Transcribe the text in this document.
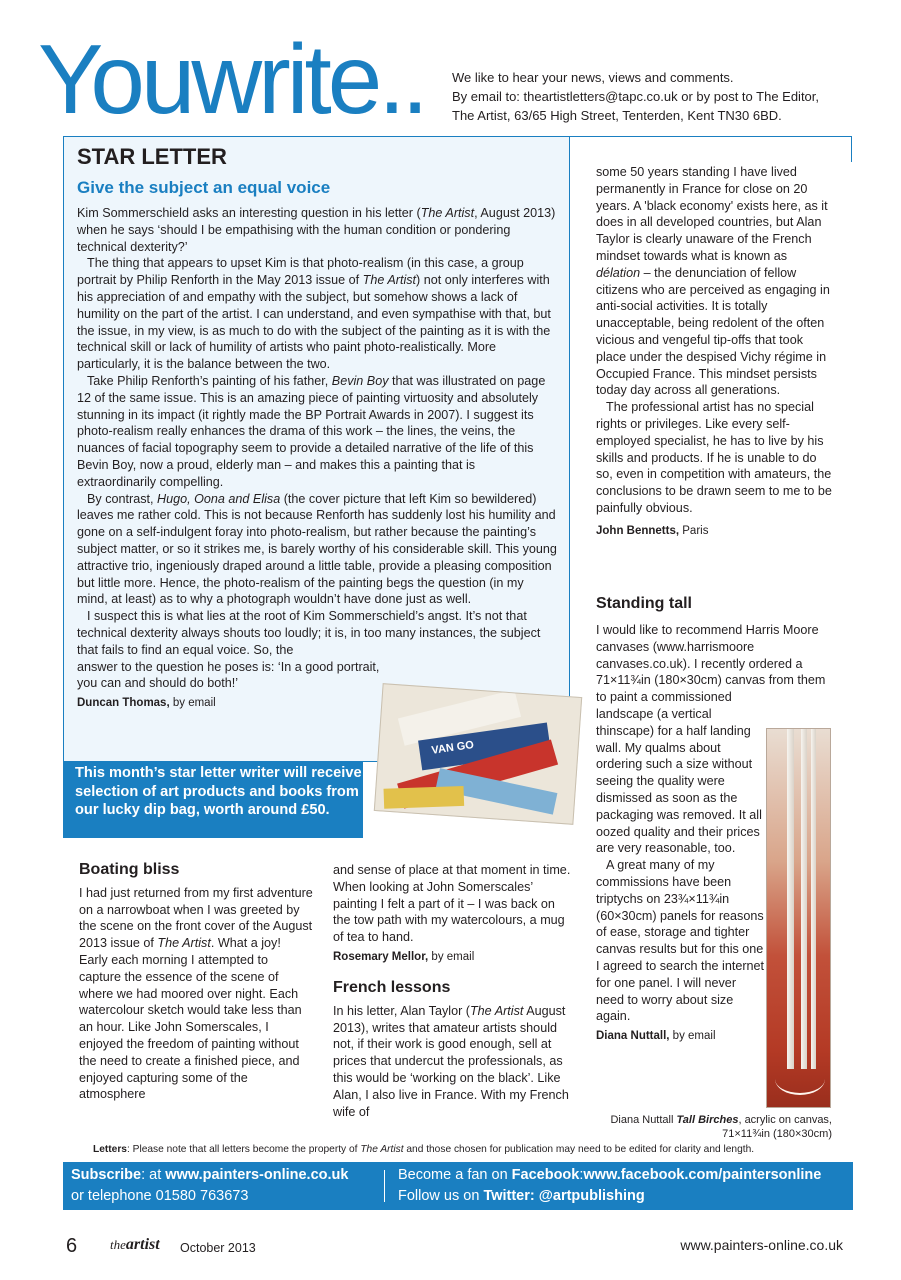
Youwrite.. We like to hear your news, views and comments.
By email to: theartistletters@tapc.co.uk or by post to The Editor,
The Artist, 63/65 High Street, Tenterden, Kent TN30 6BD.
STAR LETTER
Give the subject an equal voice

Kim Sommerschield asks an interesting question in his letter (The Artist, August 2013) when he says ‘should I be empathising with the human condition or pondering technical dexterity?’

The thing that appears to upset Kim is that photo-realism (in this case, a group portrait by Philip Renforth in the May 2013 issue of The Artist) not only interferes with his appreciation of and empathy with the subject, but somehow shows a lack of humility on the part of the artist. I can understand, and even sympathise with that, but the issue, in my view, is as much to do with the subject of the painting as it is with the technical skill or lack of humility of artists who paint photo-realistically. More particularly, it is the balance between the two.

Take Philip Renforth’s painting of his father, Bevin Boy that was illustrated on page 12 of the same issue. This is an amazing piece of painting virtuosity and absolutely stunning in its impact (it rightly made the BP Portrait Awards in 2007). I suggest its photo-realism really enhances the drama of this work – the lines, the veins, the nuances of facial topography seem to provide a detailed narrative of the life of this Bevin Boy, now a proud, elderly man – and makes this a painting that is extraordinarily compelling.

By contrast, Hugo, Oona and Elisa (the cover picture that left Kim so bewildered) leaves me rather cold. This is not because Renforth has suddenly lost his humility and gone on a self-indulgent foray into photo-realism, but rather because the painting’s subject matter, or so it strikes me, is barely worthy of his considerable skill. This young attractive trio, ingeniously draped around a little table, provide a pleasing composition but little more. Hence, the photo-realism of the painting begs the question (in my mind, at least) as to why a photograph wouldn’t have done just as well.

I suspect this is what lies at the root of Kim Sommerschield’s angst. It’s not that technical dexterity always shouts too loudly; it is, in too many instances, the subject that fails to find an equal voice. So, the

answer to the question he poses is: ‘In a good portrait, you can and should do both!’
Duncan Thomas, by email
VAN GO
This month’s star letter writer will receive a selection of art products and books from our lucky dip bag, worth around £50.

some 50 years standing I have lived permanently in France for close on 20 years. A 'black economy' exists here, as it does in all developed countries, but Alan Taylor is clearly unaware of the French mindset towards what is known as délation – the denunciation of fellow citizens who are perceived as engaging in anti-social activities. It is totally unacceptable, being redolent of the often vicious and vengeful tip-offs that took place under the despised Vichy régime in Occupied France. This mindset persists today day across all generations.

The professional artist has no special rights or privileges. Like every self-employed specialist, he has to live by his skills and products. If he is unable to do so, even in competition with amateurs, the conclusions to be drawn seem to me to be painfully obvious.

John Bennetts, Paris
Standing tall

I would like to recommend Harris Moore canvases (www.harrismoore canvases.co.uk). I recently ordered a 71×11¾in (180×30cm) canvas from them to paint a commissioned

landscape (a vertical thinscape) for a half landing wall. My qualms about ordering such a size without seeing the quality were dismissed as soon as the packaging was removed. It all oozed quality and their prices are very reasonable, too.

A great many of my commissions have been triptychs on 23¾×11¾in (60×30cm) panels for reasons of ease, storage and tighter canvas results but for this one I agreed to search the internet for one panel. I will never need to worry about size again.

Diana Nuttall, by email
Diana Nuttall Tall Birches, acrylic on canvas, 71×11¾in (180×30cm)
Boating bliss

I had just returned from my first adventure on a narrowboat when I was greeted by the scene on the front cover of the August 2013 issue of The Artist. What a joy!

Early each morning I attempted to capture the essence of the scene of where we had moored over night. Each watercolour sketch would take less than an hour. Like John Somerscales, I enjoyed the freedom of painting without the need to create a finished piece, and enjoyed capturing some of the atmosphere

and sense of place at that moment in time. When looking at John Somerscales’ painting I felt a part of it – I was back on the tow path with my watercolours, a mug of tea to hand.

Rosemary Mellor, by email
French lessons

In his letter, Alan Taylor (The Artist August 2013), writes that amateur artists should not, if their work is good enough, sell at prices that undercut the professionals, as this would be ‘working on the black’. Like Alan, I also live in France. With my French wife of

Letters: Please note that all letters become the property of The Artist and those chosen for publication may need to be edited for clarity and length.
Subscribe: at www.painters-online.co.uk
or telephone 01580 763673
Become a fan on Facebook:www.facebook.com/paintersonline
Follow us on Twitter: @artpublishing
6	theartist October 2013	www.painters-online.co.uk
